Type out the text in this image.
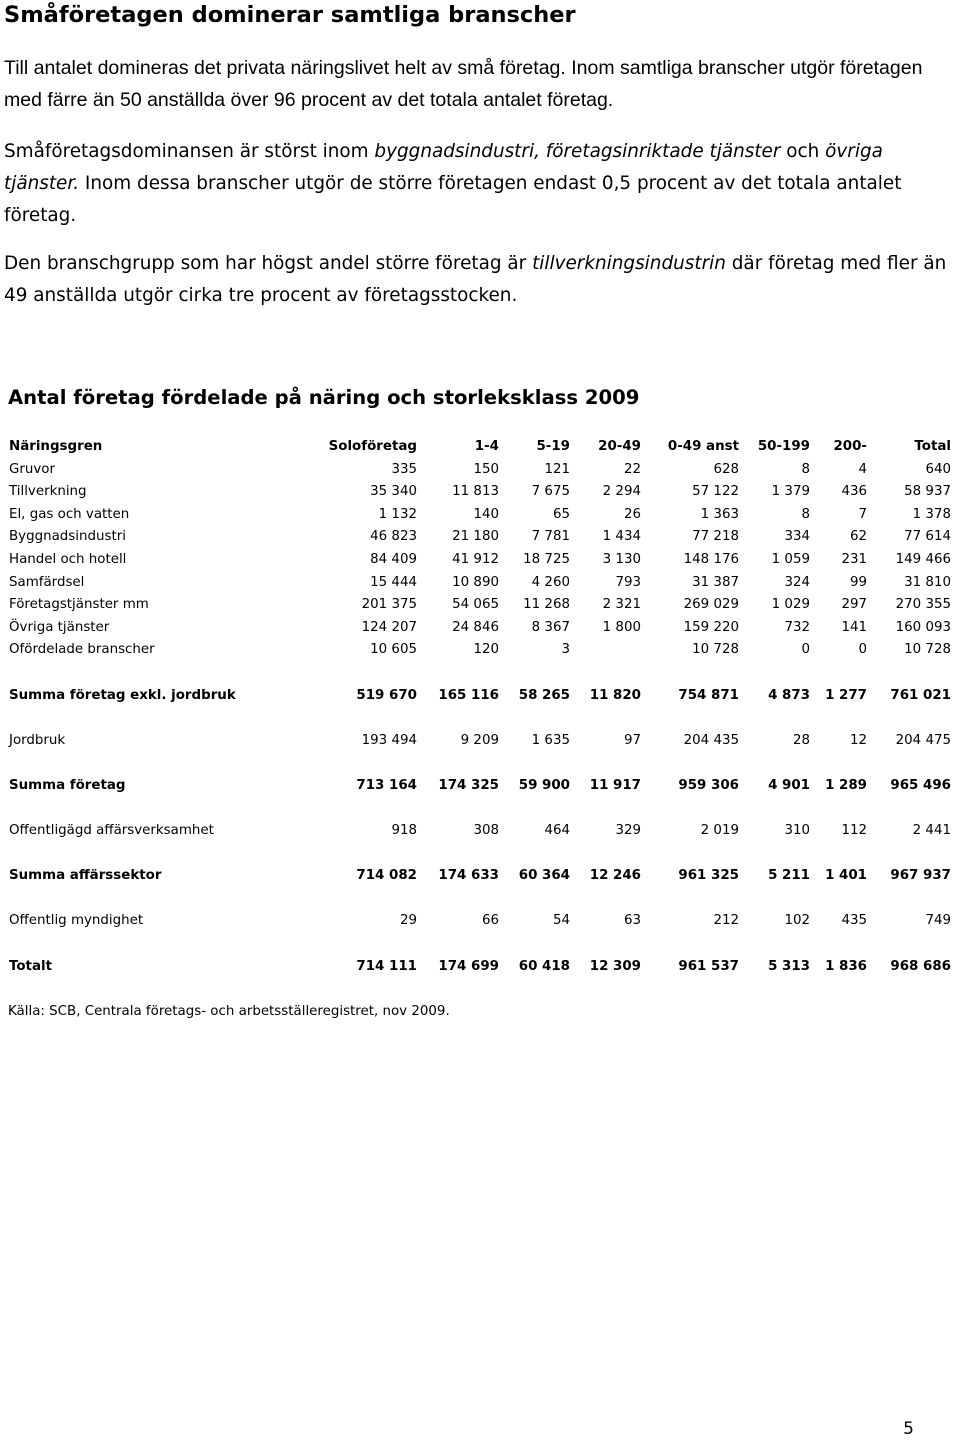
Småföretagen dominerar samtliga branscher

Till antalet domineras det privata näringslivet helt av små företag. Inom samtliga branscher utgör företagen med färre än 50 anställda över 96 procent av det totala antalet företag.

Småföretagsdominansen är störst inom byggnadsindustri, företagsinriktade tjänster och övriga tjänster. Inom dessa branscher utgör de större företagen endast 0,5 procent av det totala antalet företag.

Den branschgrupp som har högst andel större företag är tillverkningsindustrin där företag med fler än 49 anställda utgör cirka tre procent av företagsstocken.

Antal företag fördelade på näring och storleksklass 2009
Näringsgren	Soloföretag	1-4	5-19	20-49	0-49 anst	50-199	200-	Total
Gruvor	335	150	121	22	628	8	4	640
Tillverkning	35 340	11 813	7 675	2 294	57 122	1 379	436	58 937
El, gas och vatten	1 132	140	65	26	1 363	8	7	1 378
Byggnadsindustri	46 823	21 180	7 781	1 434	77 218	334	62	77 614
Handel och hotell	84 409	41 912	18 725	3 130	148 176	1 059	231	149 466
Samfärdsel	15 444	10 890	4 260	793	31 387	324	99	31 810
Företagstjänster mm	201 375	54 065	11 268	2 321	269 029	1 029	297	270 355
Övriga tjänster	124 207	24 846	8 367	1 800	159 220	732	141	160 093
Ofördelade branscher	10 605	120	3		10 728	0	0	10 728

Summa företag exkl. jordbruk	519 670	165 116	58 265	11 820	754 871	4 873	1 277	761 021

Jordbruk	193 494	9 209	1 635	97	204 435	28	12	204 475

Summa företag	713 164	174 325	59 900	11 917	959 306	4 901	1 289	965 496

Offentligägd affärsverksamhet	918	308	464	329	2 019	310	112	2 441

Summa affärssektor	714 082	174 633	60 364	12 246	961 325	5 211	1 401	967 937

Offentlig myndighet	29	66	54	63	212	102	435	749

Totalt	714 111	174 699	60 418	12 309	961 537	5 313	1 836	968 686

Källa: SCB, Centrala företags- och arbetsställeregistret, nov 2009.

5
